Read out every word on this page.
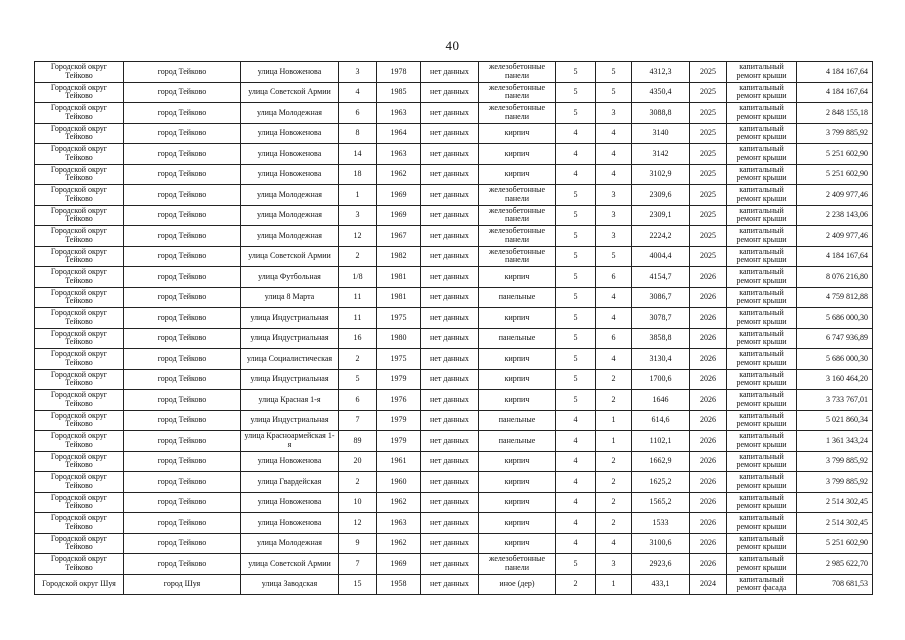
40
Городской округ Тейково	город Тейково	улица Новоженова	3	1978	нет данных	железобетонные панели	5	5	4312,3	2025	капитальный ремонт крыши	4 184 167,64
Городской округ Тейково	город Тейково	улица Советской Армии	4	1985	нет данных	железобетонные панели	5	5	4350,4	2025	капитальный ремонт крыши	4 184 167,64
Городской округ Тейково	город Тейково	улица Молодежная	6	1963	нет данных	железобетонные панели	5	3	3088,8	2025	капитальный ремонт крыши	2 848 155,18
Городской округ Тейково	город Тейково	улица Новоженова	8	1964	нет данных	кирпич	4	4	3140	2025	капитальный ремонт крыши	3 799 885,92
Городской округ Тейково	город Тейково	улица Новоженова	14	1963	нет данных	кирпич	4	4	3142	2025	капитальный ремонт крыши	5 251 602,90
Городской округ Тейково	город Тейково	улица Новоженова	18	1962	нет данных	кирпич	4	4	3102,9	2025	капитальный ремонт крыши	5 251 602,90
Городской округ Тейково	город Тейково	улица Молодежная	1	1969	нет данных	железобетонные панели	5	3	2309,6	2025	капитальный ремонт крыши	2 409 977,46
Городской округ Тейково	город Тейково	улица Молодежная	3	1969	нет данных	железобетонные панели	5	3	2309,1	2025	капитальный ремонт крыши	2 238 143,06
Городской округ Тейково	город Тейково	улица Молодежная	12	1967	нет данных	железобетонные панели	5	3	2224,2	2025	капитальный ремонт крыши	2 409 977,46
Городской округ Тейково	город Тейково	улица Советской Армии	2	1982	нет данных	железобетонные панели	5	5	4004,4	2025	капитальный ремонт крыши	4 184 167,64
Городской округ Тейково	город Тейково	улица Футбольная	1/8	1981	нет данных	кирпич	5	6	4154,7	2026	капитальный ремонт крыши	8 076 216,80
Городской округ Тейково	город Тейково	улица 8 Марта	11	1981	нет данных	панельные	5	4	3086,7	2026	капитальный ремонт крыши	4 759 812,88
Городской округ Тейково	город Тейково	улица Индустриальная	11	1975	нет данных	кирпич	5	4	3078,7	2026	капитальный ремонт крыши	5 686 000,30
Городской округ Тейково	город Тейково	улица Индустриальная	16	1980	нет данных	панельные	5	6	3858,8	2026	капитальный ремонт крыши	6 747 936,89
Городской округ Тейково	город Тейково	улица Социалистическая	2	1975	нет данных	кирпич	5	4	3130,4	2026	капитальный ремонт крыши	5 686 000,30
Городской округ Тейково	город Тейково	улица Индустриальная	5	1979	нет данных	кирпич	5	2	1700,6	2026	капитальный ремонт крыши	3 160 464,20
Городской округ Тейково	город Тейково	улица Красная 1-я	6	1976	нет данных	кирпич	5	2	1646	2026	капитальный ремонт крыши	3 733 767,01
Городской округ Тейково	город Тейково	улица Индустриальная	7	1979	нет данных	панельные	4	1	614,6	2026	капитальный ремонт крыши	5 021 860,34
Городской округ Тейково	город Тейково	улица Красноармейская 1-я	89	1979	нет данных	панельные	4	1	1102,1	2026	капитальный ремонт крыши	1 361 343,24
Городской округ Тейково	город Тейково	улица Новоженова	20	1961	нет данных	кирпич	4	2	1662,9	2026	капитальный ремонт крыши	3 799 885,92
Городской округ Тейково	город Тейково	улица Гвардейская	2	1960	нет данных	кирпич	4	2	1625,2	2026	капитальный ремонт крыши	3 799 885,92
Городской округ Тейково	город Тейково	улица Новоженова	10	1962	нет данных	кирпич	4	2	1565,2	2026	капитальный ремонт крыши	2 514 302,45
Городской округ Тейково	город Тейково	улица Новоженова	12	1963	нет данных	кирпич	4	2	1533	2026	капитальный ремонт крыши	2 514 302,45
Городской округ Тейково	город Тейково	улица Молодежная	9	1962	нет данных	кирпич	4	4	3100,6	2026	капитальный ремонт крыши	5 251 602,90
Городской округ Тейково	город Тейково	улица Советской Армии	7	1969	нет данных	железобетонные панели	5	3	2923,6	2026	капитальный ремонт крыши	2 985 622,70
Городской округ Шуя	город Шуя	улица Заводская	15	1958	нет данных	иное (дер)	2	1	433,1	2024	капитальный ремонт фасада	708 681,53
